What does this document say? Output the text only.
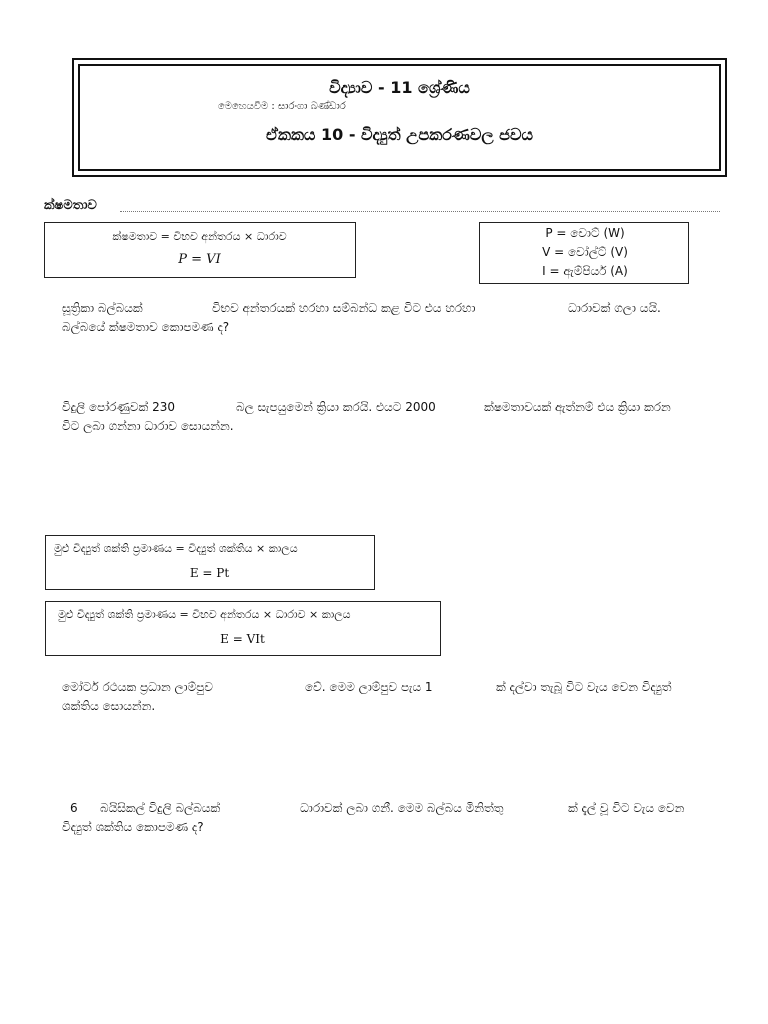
විද්‍යාව - 11 ශ්‍රේණිය
මෙහෙයවීම : සාරංගා බණ්ඩාර
ඒකකය 10 - විද්‍යුත් උපකරණවල ජවය
ක්ෂමතාව
ක්ෂමතාව = විභව අන්තරය × ධාරාව
P = VI
P = වොට් (W)
V = වෝල්ට් (V)
I = ඇම්පියර් (A)
සූත්‍රිකා බල්බයක්	විභව අන්තරයක් හරහා සම්බන්ධ කළ විට එය හරහා	ධාරාවක් ගලා යයි.
බල්බයේ ක්ෂමතාව කොපමණ ද?
විදුලි පෝරණුවක් 230	බල සැපයුමෙන් ක්‍රියා කරයි. එයට 2000	ක්ෂමතාවයක් ඇත්නම් එය ක්‍රියා කරන
විට ලබා ගන්නා ධාරාව සොයන්න.
මුළු විද්‍යුත් ශක්ති ප්‍රමාණය = විද්‍යුත් ශක්තිය × කාලය
E = Pt
මුළු විද්‍යුත් ශක්ති ප්‍රමාණය = විභව අන්තරය × ධාරාව × කාලය
E = VIt
මෝටර් රථයක ප්‍රධාන ලාම්පුව	වේ. මෙම ලාම්පුව පැය 1	ක් දල්වා තැබූ විට වැය වෙන විද්‍යුත්
ශක්තිය සොයන්න.
6 බයිසිකල් විදුලි බල්බයක්	ධාරාවක් ලබා ගනී. මෙම බල්බය මිනිත්තු	ක් දැල් වූ විට වැය වෙන
විද්‍යුත් ශක්තිය කොපමණ ද?
